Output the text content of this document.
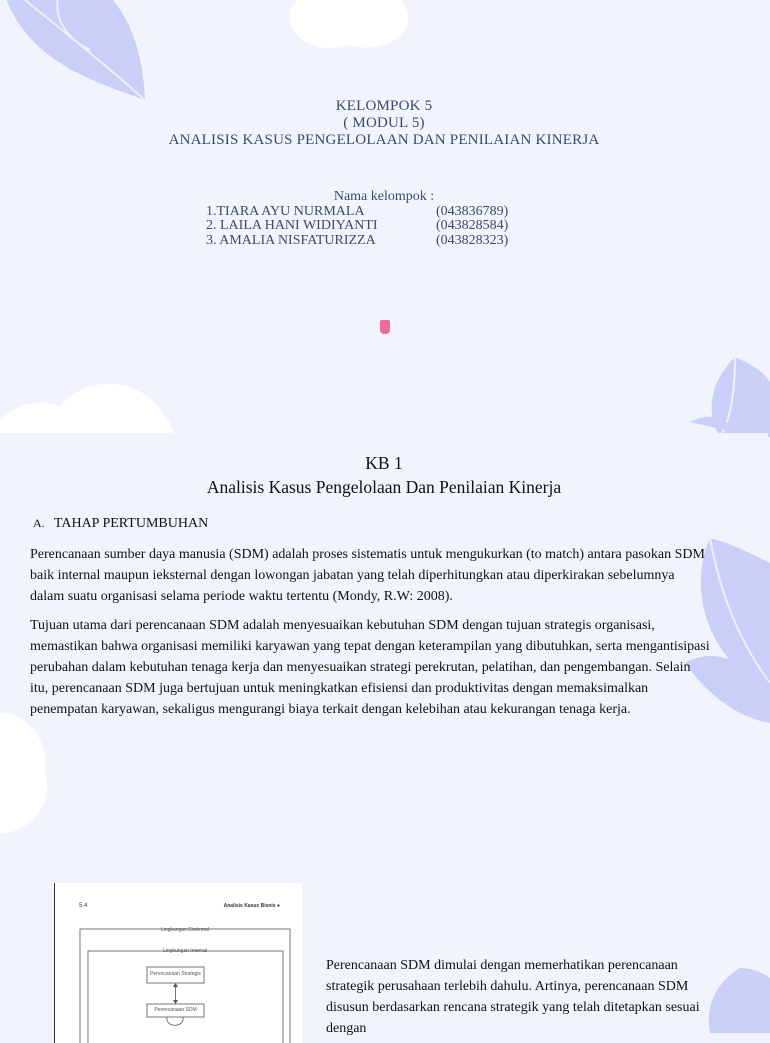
KELOMPOK 5
( MODUL 5)
ANALISIS KASUS PENGELOLAAN DAN PENILAIAN KINERJA
Nama kelompok :
1.TIARA AYU NURMALA	(043836789)
2. LAILA HANI WIDIYANTI	(043828584)
3. AMALIA NISFATURIZZA	(043828323)
KB 1
Analisis Kasus Pengelolaan Dan Penilaian Kinerja
A. TAHAP PERTUMBUHAN
Perencanaan sumber daya manusia (SDM) adalah proses sistematis untuk mengukurkan (to match) antara pasokan SDM baik internal maupun ieksternal dengan lowongan jabatan yang telah diperhitungkan atau diperkirakan sebelumnya dalam suatu organisasi selama periode waktu tertentu (Mondy, R.W: 2008).
Tujuan utama dari perencanaan SDM adalah menyesuaikan kebutuhan SDM dengan tujuan strategis organisasi, memastikan bahwa organisasi memiliki karyawan yang tepat dengan keterampilan yang dibutuhkan, serta mengantisipasi perubahan dalam kebutuhan tenaga kerja dan menyesuaikan strategi perekrutan, pelatihan, dan pengembangan. Selain itu, perencanaan SDM juga bertujuan untuk meningkatkan efisiensi dan produktivitas dengan memaksimalkan penempatan karyawan, sekaligus mengurangi biaya terkait dengan kelebihan atau kekurangan tenaga kerja.
5.4	Analisis Kasus Bisnis ●
Lingkungan Eksternal
Lingkungan Internal
Perencanaan Strategis
Perencanaan SDM
Perencanaan SDM dimulai dengan memerhatikan perencanaan strategik perusahaan terlebih dahulu. Artinya, perencanaan SDM disusun berdasarkan rencana strategik yang telah ditetapkan sesuai dengan
